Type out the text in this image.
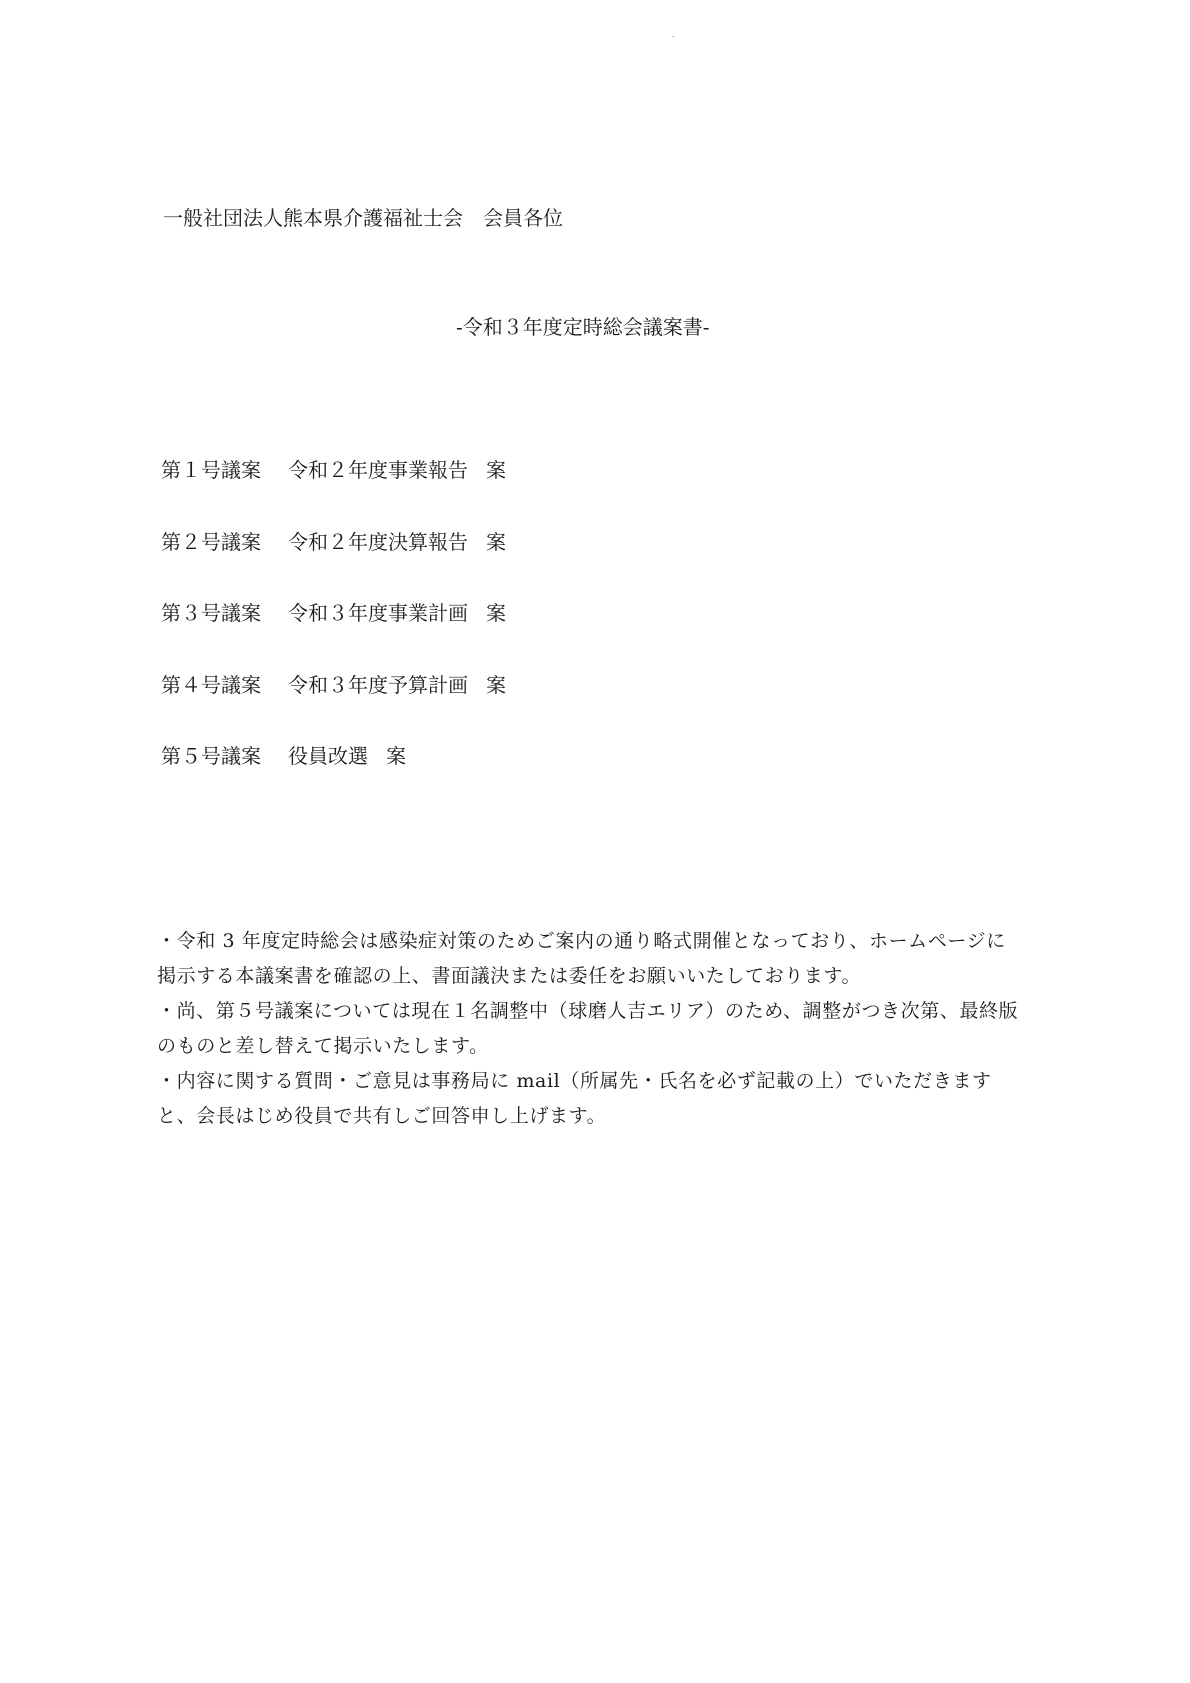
一般社団法人熊本県介護福祉士会　会員各位
-令和３年度定時総会議案書-
第１号議案 令和２年度事業報告 案
第２号議案 令和２年度決算報告 案
第３号議案 令和３年度事業計画 案
第４号議案 令和３年度予算計画 案
第５号議案 役員改選 案

・令和 3 年度定時総会は感染症対策のためご案内の通り略式開催となっており、ホームページに掲示する本議案書を確認の上、書面議決または委任をお願いいたしております。

・尚、第５号議案については現在１名調整中（球磨人吉エリア）のため、調整がつき次第、最終版のものと差し替えて掲示いたします。

・内容に関する質問・ご意見は事務局に mail（所属先・氏名を必ず記載の上）でいただきますと、会長はじめ役員で共有しご回答申し上げます。
